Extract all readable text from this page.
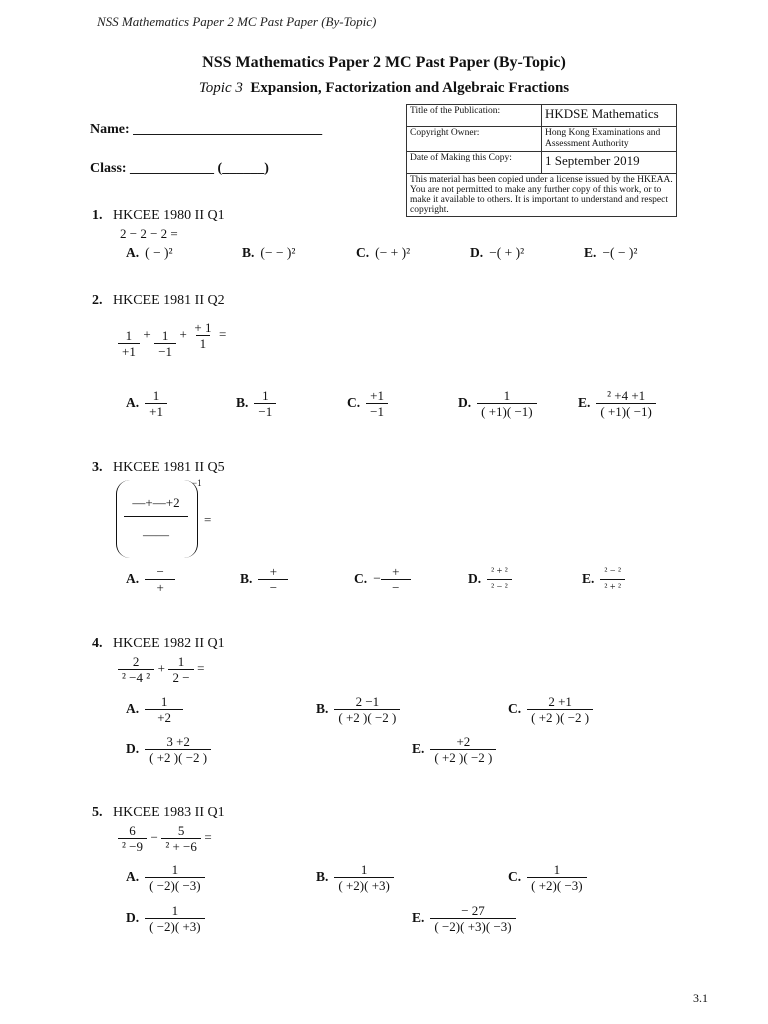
NSS Mathematics Paper 2 MC Past Paper (By-Topic)
NSS Mathematics Paper 2 MC Past Paper (By-Topic)
Topic 3 Expansion, Factorization and Algebraic Fractions
Name: ___________________________
Class: ____________ (______)
Title of the Publication:	HKDSE Mathematics
Copyright Owner:	Hong Kong Examinations and Assessment Authority
Date of Making this Copy:	1 September 2019
This material has been copied under a license issued by the HKEAA. You are not permitted to make any further copy of this work, or to make it available to others. It is important to understand and respect copyright.	
1. HKCEE 1980 II Q1
2 − 2 − 2 =
A. ( − )²	B. (− − )²	C. (− + )²	D. −( + )²	E. −( − )²
2. HKCEE 1981 II Q2
$\frac{1}{+1} + \frac{1}{-1} + \frac{+ 1}{1}$ =
A. $\frac{1}{+1}$	B. $\frac{1}{-1}$	C. $\frac{+1}{-1}$	D. $\frac{1}{( +1)( -1)}$	E. $\frac{\text{² +4 +1}}{( +1)( -1)}$
3. HKCEE 1981 II Q5
−1
$\frac{—+—+2}{——}$ =
A. $\frac{-}{+}$	B. $\frac{+}{-}$	C. − $\frac{+}{-}$	D. $\frac{\text{² + ²}}{\text{² − ²}}$	E. $\frac{\text{² − ²}}{\text{² + ²}}$
4. HKCEE 1982 II Q1
$\frac{2}{\text{² −4 ²}} + \frac{1}{2 -}$ =
A. $\frac{1}{+2}$	B. $\frac{2 -1}{( +2 )( -2 )}$	C. $\frac{2 +1}{( +2 )( -2 )}$
D. $\frac{3 +2}{( +2 )( -2 )}$	E. $\frac{+2}{( +2 )( -2 )}$
5. HKCEE 1983 II Q1
$\frac{6}{\text{² −9}} - \frac{5}{\text{² + −6}}$ =
A. $\frac{1}{( -2)( -3)}$	B. $\frac{1}{( +2)( +3)}$	C. $\frac{1}{( +2)( -3)}$
D. $\frac{1}{( -2)( +3)}$	E. $\frac{- 27}{( -2)( +3)( -3)}$
3.1
